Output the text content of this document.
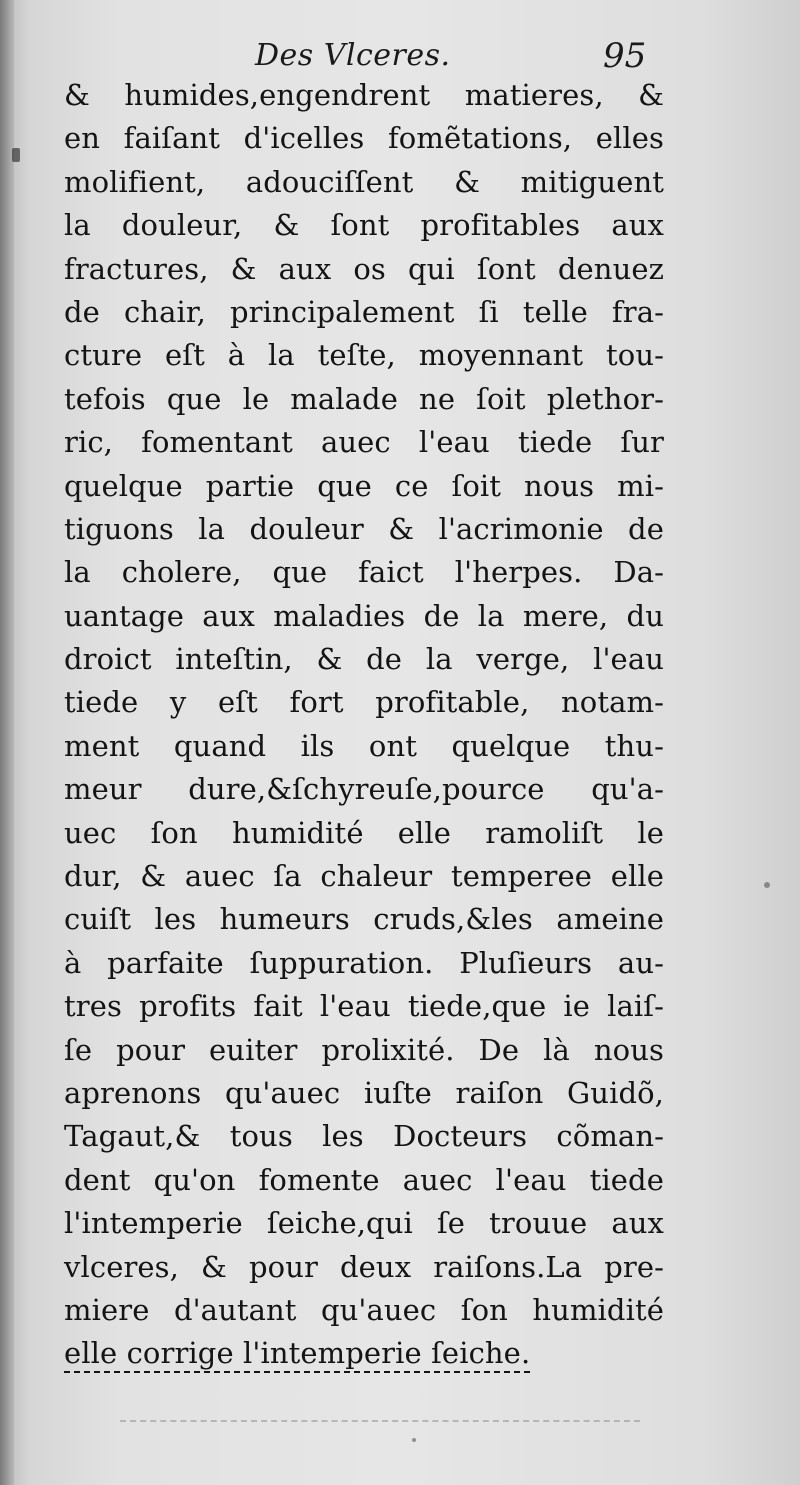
Des Vlceres.	95
& humides,engendrent matieres, &
en faiſant d'icelles fomẽtations, elles
molifient, adouciſſent & mitiguent
la douleur, & ſont profitables aux
fractures, & aux os qui ſont denuez
de chair, principalement ſi telle fra-
cture eſt à la teſte, moyennant tou-
tefois que le malade ne ſoit plethor-
ric, fomentant auec l'eau tiede ſur
quelque partie que ce ſoit nous mi-
tiguons la douleur & l'acrimonie de
la cholere, que faict l'herpes. Da-
uantage aux maladies de la mere, du
droict inteſtin, & de la verge, l'eau
tiede y eſt fort profitable, notam-
ment quand ils ont quelque thu-
meur dure,&ſchyreuſe,pource qu'a-
uec ſon humidité elle ramoliſt le
dur, & auec ſa chaleur temperee elle
cuiſt les humeurs cruds,&les ameine
à parfaite ſuppuration. Pluſieurs au-
tres profits fait l'eau tiede,que ie laiſ-
ſe pour euiter prolixité. De là nous
aprenons qu'auec iuſte raiſon Guidõ,
Tagaut,& tous les Docteurs cõman-
dent qu'on fomente auec l'eau tiede
l'intemperie ſeiche,qui ſe trouue aux
vlceres, & pour deux raiſons.La pre-
miere d'autant qu'auec ſon humidité
elle corrige l'intemperie ſeiche.
